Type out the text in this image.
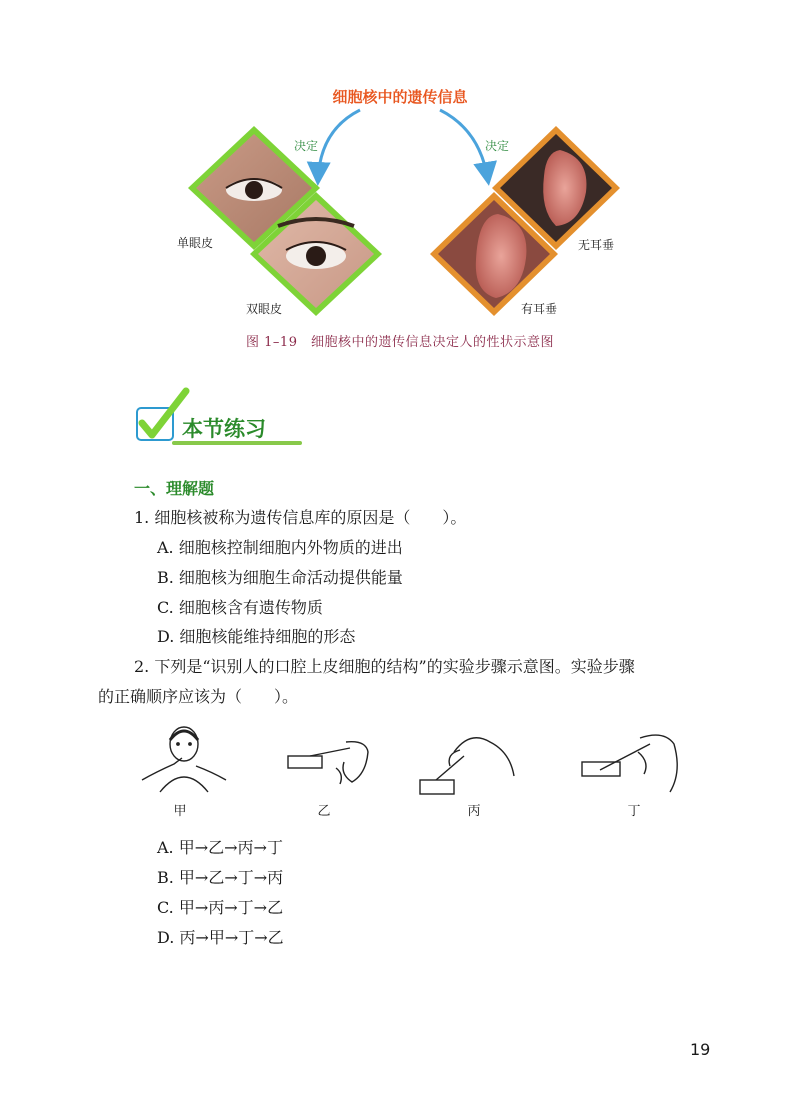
细胞核中的遗传信息
决定	决定
单眼皮
双眼皮
无耳垂
有耳垂
图 1–19　细胞核中的遗传信息决定人的性状示意图
本节练习
一、理解题
1. 细胞核被称为遗传信息库的原因是（　　）。
A. 细胞核控制细胞内外物质的进出
B. 细胞核为细胞生命活动提供能量
C. 细胞核含有遗传物质
D. 细胞核能维持细胞的形态
2. 下列是“识别人的口腔上皮细胞的结构”的实验步骤示意图。实验步骤
的正确顺序应该为（　　）。
甲	乙	丙	丁
A. 甲→乙→丙→丁
B. 甲→乙→丁→丙
C. 甲→丙→丁→乙
D. 丙→甲→丁→乙
19
